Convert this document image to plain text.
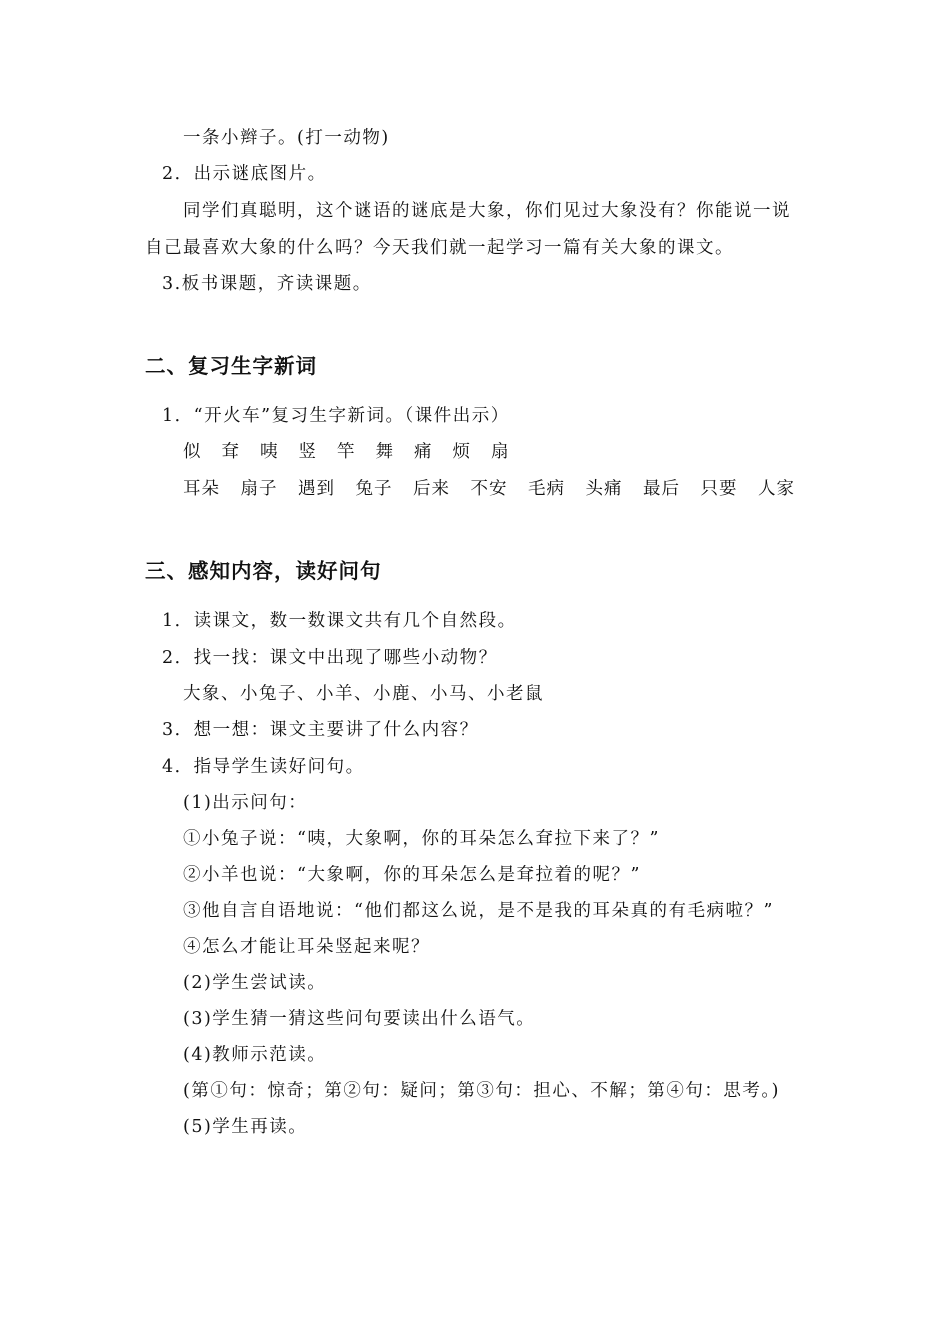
一条小辫子。(打一动物)
2．出示谜底图片。
同学们真聪明，这个谜语的谜底是大象，你们见过大象没有？你能说一说
自己最喜欢大象的什么吗？今天我们就一起学习一篇有关大象的课文。
3.板书课题，齐读课题。
二、复习生字新词
1．“开火车”复习生字新词。（课件出示）
似	耷	咦	竖	竿	舞	痛	烦	扇
耳朵	扇子	遇到	兔子	后来	不安	毛病	头痛	最后	只要	人家
三、感知内容，读好问句
1．读课文，数一数课文共有几个自然段。
2．找一找：课文中出现了哪些小动物？
大象、小兔子、小羊、小鹿、小马、小老鼠
3．想一想：课文主要讲了什么内容？
4．指导学生读好问句。
(1)出示问句：
①小兔子说：“咦，大象啊，你的耳朵怎么耷拉下来了？”
②小羊也说：“大象啊，你的耳朵怎么是耷拉着的呢？”
③他自言自语地说：“他们都这么说，是不是我的耳朵真的有毛病啦？”
④怎么才能让耳朵竖起来呢？
(2)学生尝试读。
(3)学生猜一猜这些问句要读出什么语气。
(4)教师示范读。
(第①句：惊奇；第②句：疑问；第③句：担心、不解；第④句：思考。)
(5)学生再读。
